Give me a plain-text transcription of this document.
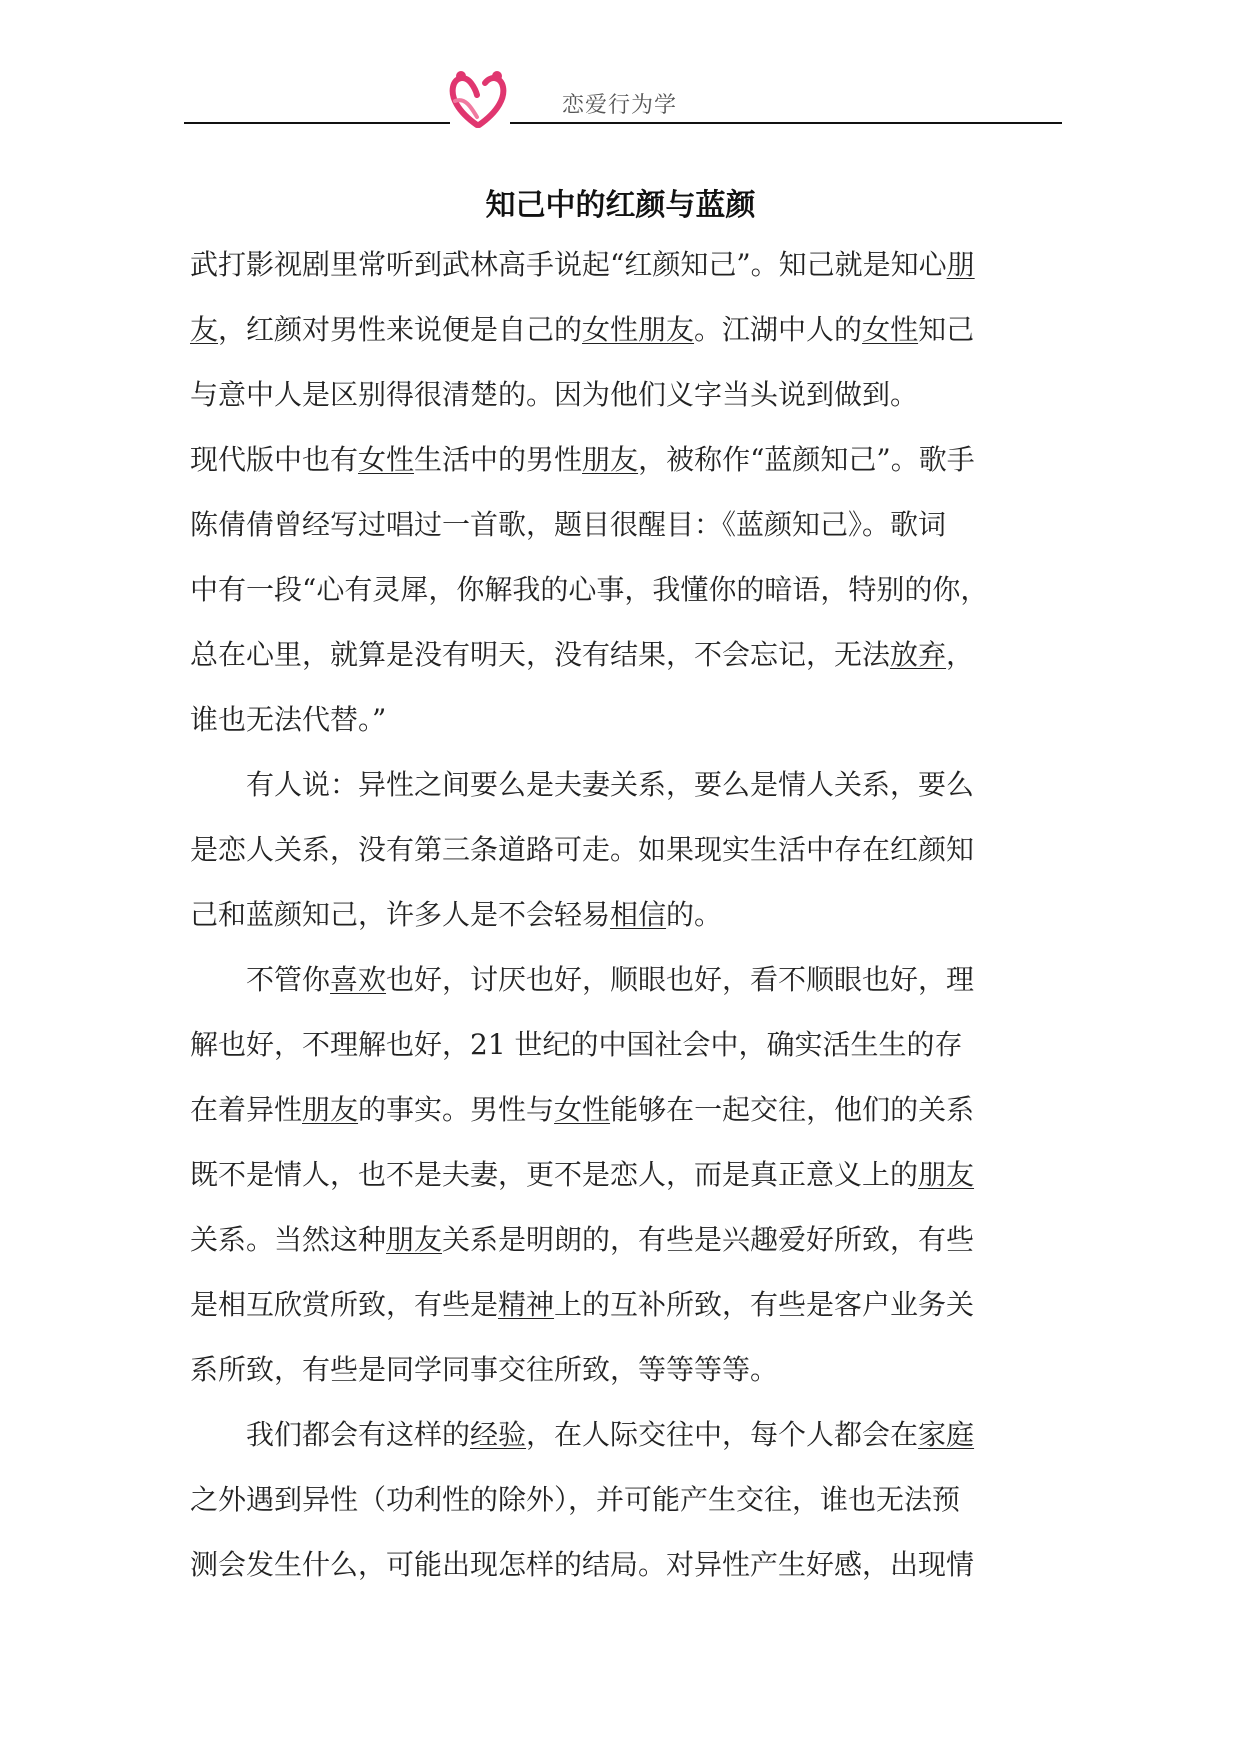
恋爱行为学
知己中的红颜与蓝颜
武打影视剧里常听到武林高手说起“红颜知己”。知己就是知心朋
友，红颜对男性来说便是自己的女性朋友。江湖中人的女性知己
与意中人是区别得很清楚的。因为他们义字当头说到做到。
现代版中也有女性生活中的男性朋友，被称作“蓝颜知己”。歌手
陈倩倩曾经写过唱过一首歌，题目很醒目：《蓝颜知己》。歌词
中有一段“心有灵犀，你解我的心事，我懂你的暗语，特别的你，
总在心里，就算是没有明天，没有结果，不会忘记，无法放弃，
谁也无法代替。”
　　有人说：异性之间要么是夫妻关系，要么是情人关系，要么
是恋人关系，没有第三条道路可走。如果现实生活中存在红颜知
己和蓝颜知己，许多人是不会轻易相信的。
　　不管你喜欢也好，讨厌也好，顺眼也好，看不顺眼也好，理
解也好，不理解也好，21 世纪的中国社会中，确实活生生的存
在着异性朋友的事实。男性与女性能够在一起交往，他们的关系
既不是情人，也不是夫妻，更不是恋人，而是真正意义上的朋友
关系。当然这种朋友关系是明朗的，有些是兴趣爱好所致，有些
是相互欣赏所致，有些是精神上的互补所致，有些是客户业务关
系所致，有些是同学同事交往所致，等等等等。
　　我们都会有这样的经验，在人际交往中，每个人都会在家庭
之外遇到异性（功利性的除外），并可能产生交往，谁也无法预
测会发生什么，可能出现怎样的结局。对异性产生好感，出现情
